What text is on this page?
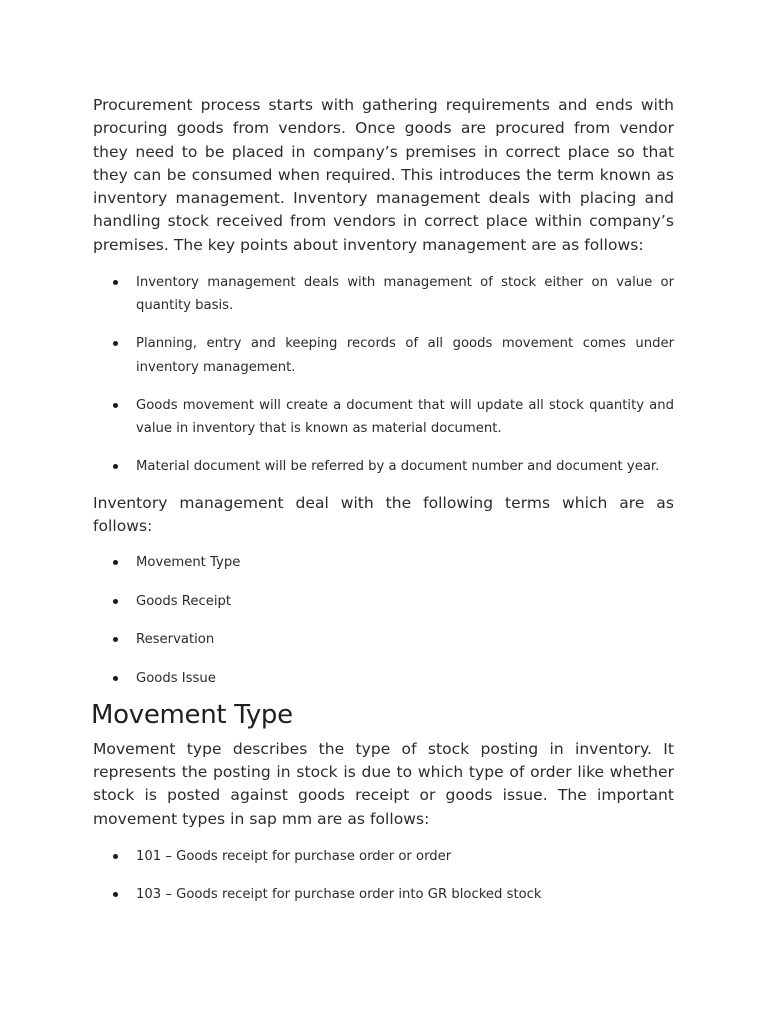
Procurement process starts with gathering requirements and ends with procuring goods from vendors. Once goods are procured from vendor they need to be placed in company’s premises in correct place so that they can be consumed when required. This introduces the term known as inventory management. Inventory management deals with placing and handling stock received from vendors in correct place within company’s premises. The key points about inventory management are as follows:

Inventory management deals with management of stock either on value or quantity basis.
Planning, entry and keeping records of all goods movement comes under inventory management.
Goods movement will create a document that will update all stock quantity and value in inventory that is known as material document.
Material document will be referred by a document number and document year.

Inventory management deal with the following terms which are as follows:

Movement Type
Goods Receipt
Reservation
Goods Issue
Movement Type

Movement type describes the type of stock posting in inventory. It represents the posting in stock is due to which type of order like whether stock is posted against goods receipt or goods issue. The important movement types in sap mm are as follows:

101 – Goods receipt for purchase order or order
103 – Goods receipt for purchase order into GR blocked stock
